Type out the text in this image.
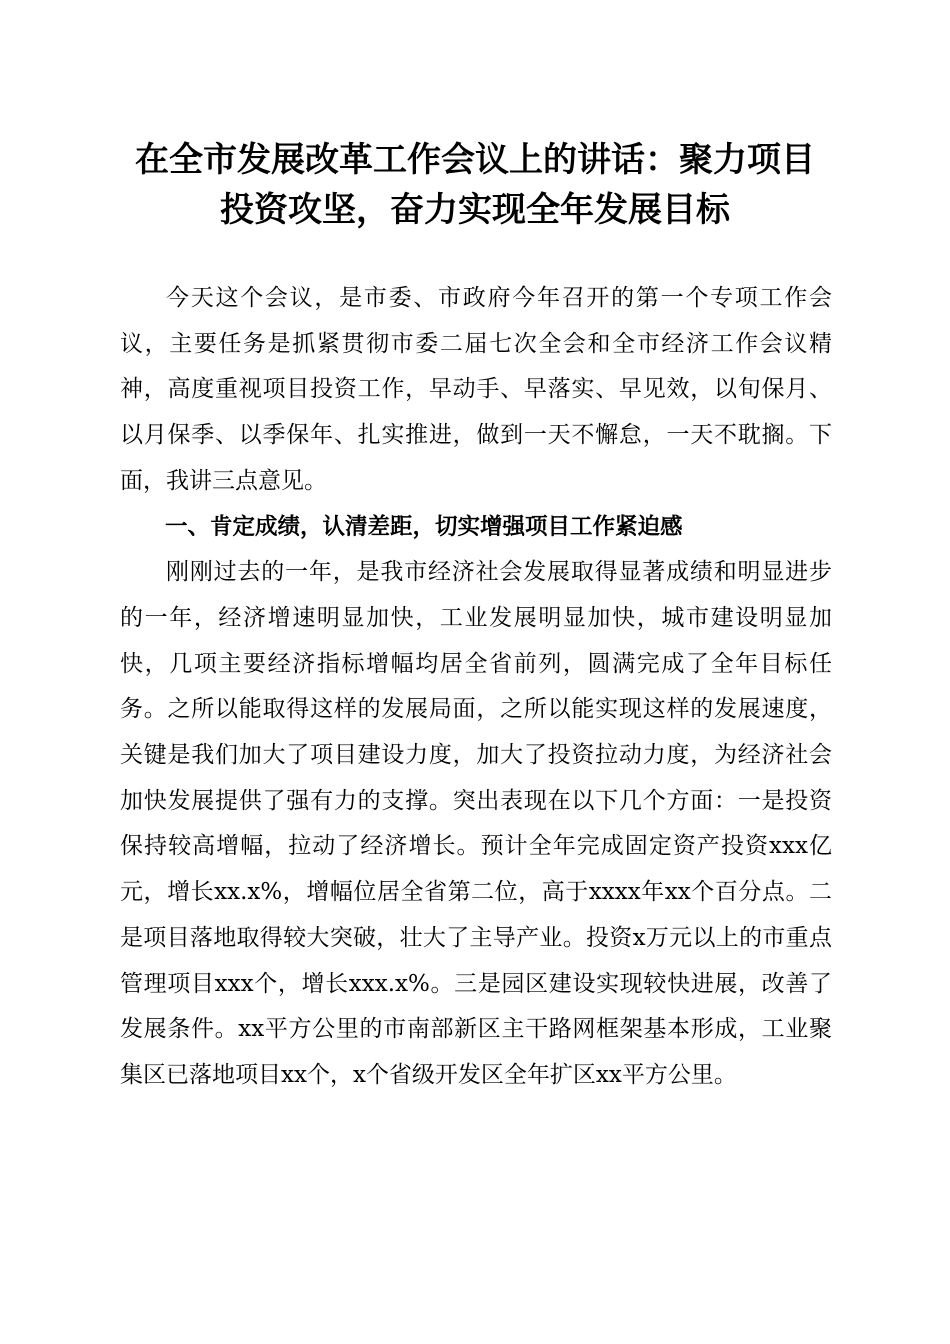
在全市发展改革工作会议上的讲话：聚力项目
投资攻坚，奋力实现全年发展目标

今天这个会议，是市委、市政府今年召开的第一个专项工作会议，主要任务是抓紧贯彻市委二届七次全会和全市经济工作会议精神，高度重视项目投资工作，早动手、早落实、早见效，以旬保月、以月保季、以季保年、扎实推进，做到一天不懈怠，一天不耽搁。下面，我讲三点意见。

一、肯定成绩，认清差距，切实增强项目工作紧迫感

刚刚过去的一年，是我市经济社会发展取得显著成绩和明显进步的一年，经济增速明显加快，工业发展明显加快，城市建设明显加快，几项主要经济指标增幅均居全省前列，圆满完成了全年目标任务。之所以能取得这样的发展局面，之所以能实现这样的发展速度，关键是我们加大了项目建设力度，加大了投资拉动力度，为经济社会加快发展提供了强有力的支撑。突出表现在以下几个方面：一是投资保持较高增幅，拉动了经济增长。预计全年完成固定资产投资xxx亿元，增长xx.x%，增幅位居全省第二位，高于xxxx年xx个百分点。二是项目落地取得较大突破，壮大了主导产业。投资x万元以上的市重点管理项目xxx个，增长xxx.x%。三是园区建设实现较快进展，改善了发展条件。xx平方公里的市南部新区主干路网框架基本形成，工业聚集区已落地项目xx个，x个省级开发区全年扩区xx平方公里。
